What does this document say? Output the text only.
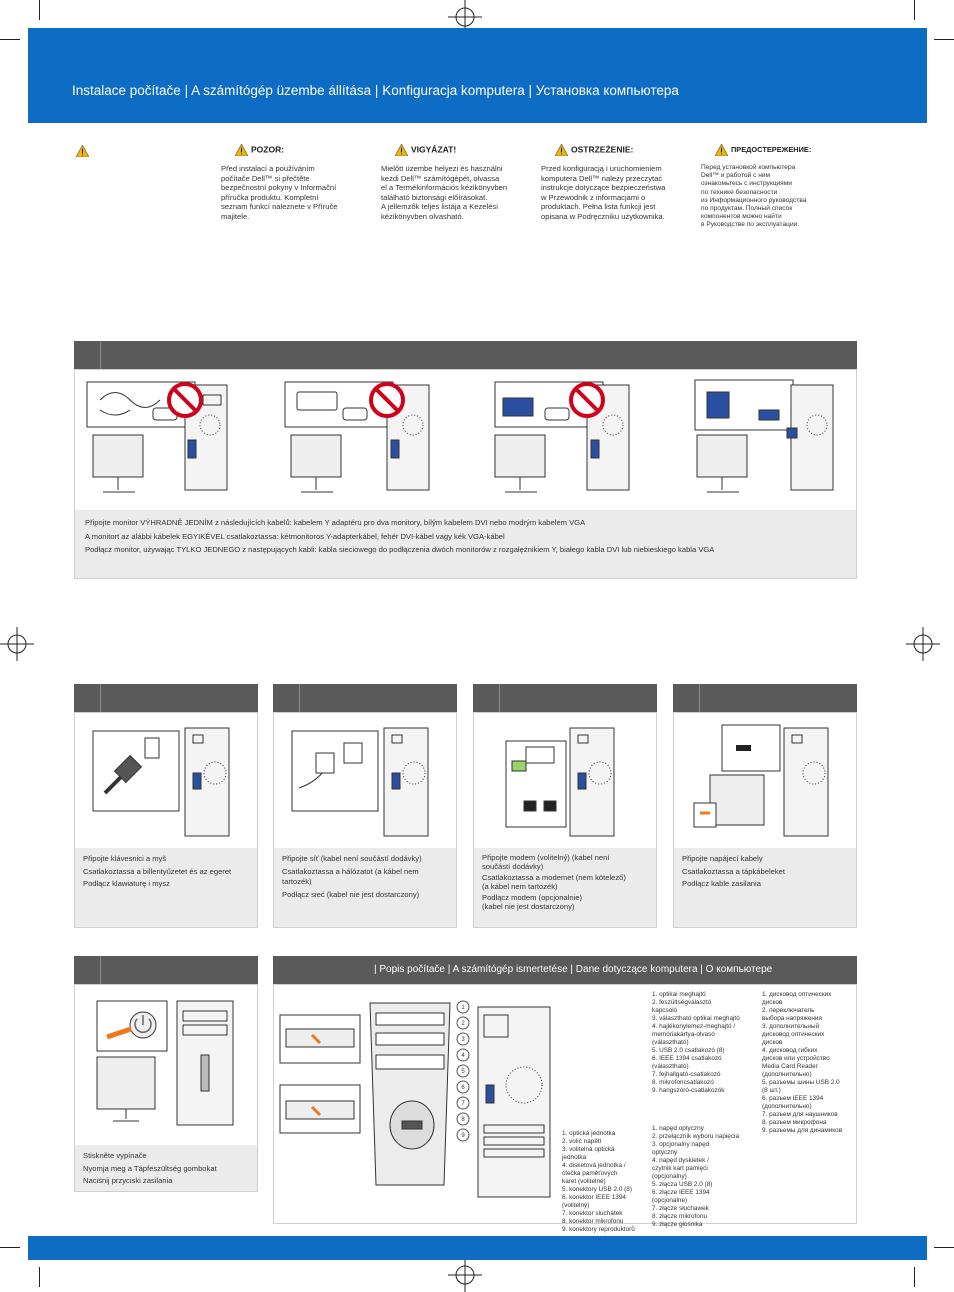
Instalace počítače | A számítógép üzembe állítása | Konfiguracja komputera | Установка компьютера
POZOR:
Před instalací a používáním
počítače Dell™ si přečtěte
bezpečnostní pokyny v Informační
příručka produktu. Kompletní
seznam funkcí naleznete v Příruče
majitele.
VIGYÁZAT!
Mielőtt üzembe helyezi és használni
kezdi Dell™ számítógépét, olvassa
el a Termékinformációs kézikönyvben
található biztonsági előírásokat.
A jellemzők teljes listája a Kezelési
kézikönyvben olvasható.
OSTRZEŻENIE:
Przed konfiguracją i uruchomieniem
komputera Dell™ należy przeczytać
instrukcje dotyczące bezpieczeństwa
w Przewodnik z informacjami o
produktach. Pełna lista funkcji jest
opisana w Podręczniku użytkownika.
ПРЕДОСТЕРЕЖЕНИЕ:
Перед установкой компьютера
Dell™ и работой с ним
ознакомьтесь с инструкциями
по технике безопасности
из Информационного руководства
по продуктам. Полный список
компонентов можно найти
в Руководстве по эксплуатации.
Připojte monitor VÝHRADNĚ JEDNÍM z následujících kabelů: kabelem Y adaptéru pro dva monitory, bílým kabelem DVI nebo modrým kabelem VGA
A monitort az alábbi kábelek EGYIKÉVEL csatlakoztassa: kétmonitoros Y-adapterkábel, fehér DVI-kábel vagy kék VGA-kábel
Podłącz monitor, używając TYLKO JEDNEGO z następujących kabli: kabla sieciowego do podłączenia dwóch monitorów z rozgałęźnikiem Y, białego kabla DVI lub niebieskiego kabla VGA
Připojte klávesnici a myš
Csatlakoztassa a billentyűzetet és az egeret
Podłącz klawiaturę i mysz
Připojte síť (kabel není součástí dodávky)
Csatlakoztassa a hálózatot (a kábel nem tartozék)
Podłącz sieć (kabel nie jest dostarczony)
Připojte modem (volitelný) (kabel není
součástí dodávky)
Csatlakoztassa a modemet (nem kötelező)
(a kábel nem tartozék)
Podłącz modem (opcjonalnie)
(kabel nie jest dostarczony)
Připojte napájecí kabely
Csatlakoztassa a tápkábeleket
Podłącz kable zasilania
Stiskněte vypínače
Nyomja meg a Tápfeszültség gombokat
Naciśnij przyciski zasilania
| Popis počítače | A számítógép ismertetése | Dane dotyczące komputera | О компьютере
1
2
3
4
5
6
7
8
9
1. optikai meghajtó
2. feszültségválasztó
kapcsoló
3. választható optikai meghajtó
4. hajlékonylemez-meghajtó /
memóriakártya-olvasó
(választható)
5. USB 2.0 csatlakozó (8)
6. IEEE 1394 csatlakozó
(választható)
7. fejhallgató-csatlakozó
8. mikrofoncsatlakozó
9. hangszóró-csatlakozók
1. дисковод оптических
дисков
2. переключатель
выбора напряжения
3. дополнительный
дисковод оптических
дисков
4. дисковод гибких
дисков или устройство
Media Card Reader
(дополнительно)
5. разъемы шины USB 2.0
(8 шт.)
6. разъем IEEE 1394
(дополнительно)
7. разъем для наушников
8. разъем микрофона
9. разъемы для динамиков
1. optická jednotka
2. volič napětí
3. volitelná optická
jednotka
4. disketová jednotka /
čtečka paměťových
karet (volitelné)
5. konektory USB 2.0 (8)
6. konektor IEEE 1394
(volitelný)
7. konektor sluchátek
8. konektor mikrofonu
9. konektory reproduktorů
1. napęd optyczny
2. przełącznik wyboru napięcia
3. opcjonalny napęd
optyczny
4. napęd dyskietek /
czytnik kart pamięci
(opcjonalny)
5. złącza USB 2.0 (8)
6. złącze IEEE 1394
(opcjonalne)
7. złącze słuchawek
8. złącze mikrofonu
9. złącze głośnika
